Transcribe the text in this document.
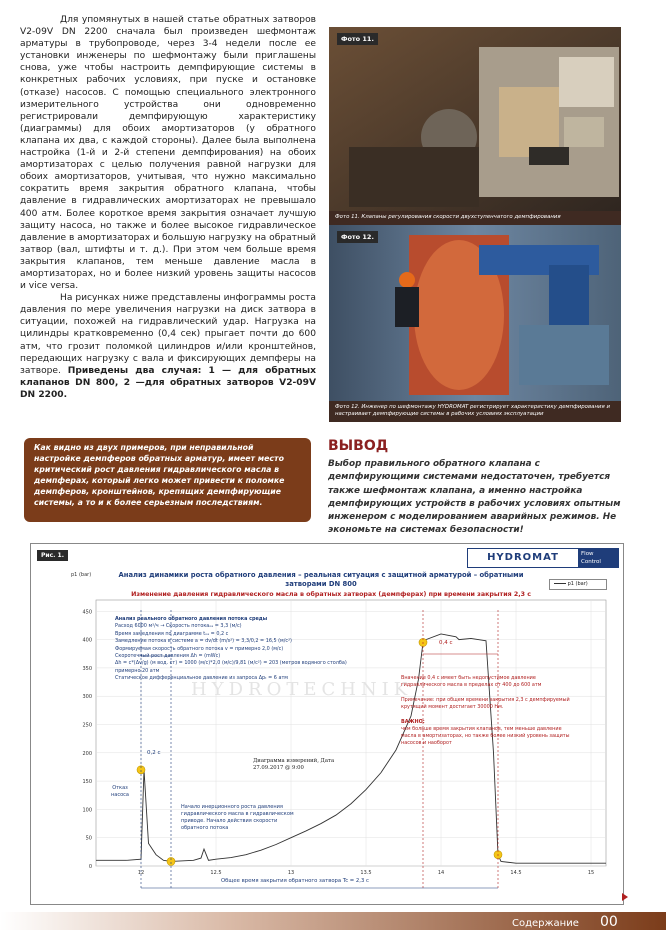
Для упомянутых в нашей статье обратных затворов V2-09V DN 2200 сначала был произведен шефмонтаж арматуры в трубопроводе, через 3-4 недели после ее установки инженеры по шефмонтажу были приглашены снова, уже чтобы настроить демпфирующие системы в конкретных рабочих условиях, при пуске и остановке (отказе) насосов. С помощью специального электронного измерительного устройства они одновременно регистрировали демпфирующую характеристику (диаграммы) для обоих амортизаторов (у обратного клапана их два, с каждой стороны). Далее была выполнена настройка (1-й и 2-й степени демпфирования) на обоих амортизаторах с целью получения равной нагрузки для обоих амортизаторов, учитывая, что нужно максимально сократить время закрытия обратного клапана, чтобы давление в гидравлических амортизаторах не превышало 400 атм. Более короткое время закрытия означает лучшую защиту насоса, но также и более высокое гидравлическое давление в амортизаторах и большую нагрузку на обратный затвор (вал, штифты и т. д.). При этом чем больше время закрытия клапанов, тем меньше давление масла в амортизаторах, но и более низкий уровень защиты насосов и vice versa.

На рисунках ниже представлены инфограммы роста давления по мере увеличения нагрузки на диск затвора в ситуации, похожей на гидравлический удар. Нагрузка на цилиндры кратковременно (0,4 сек) прыгает почти до 600 атм, что грозит поломкой цилиндров и/или кронштейнов, передающих нагрузку с вала и фиксирующих демпферы на затворе. Приведены два случая: 1 — для обратных клапанов DN 800, 2 —для обратных затворов V2-09V DN 2200.

Фото 11.
Фото 11. Клапаны регулирования скорости двухступенчатого демпфирования
Фото 12.
Фото 12. Инженер по шефмонтажу HYDROMAT регистрирует характеристику демпфирования и настраивает демпфирующие системы в рабочих условиях эксплуатации
Как видно из двух примеров, при неправильной настройке демпферов обратных арматур, имеет место критический рост давления гидравлического масла в демпферах, который легко может привести к поломке демпферов, кронштейнов, крепящих демпфирующие системы, а то и к более серьезным последствиям.
ВЫВОД
Выбор правильного обратного клапана с демпфирующими системами недостаточен, требуется также шефмонтаж клапана, а именно настройка демпфирующих устройств в рабочих условиях опытным инженером с моделированием аварийных режимов. Не экономьте на системах безопасности!
Рис. 1.	HYDROMAT	Flow Control
Анализ динамики роста обратного давления – реальная ситуация с защитной арматурой – обратными затворами DN 800
Изменение давления гидравлического масла в обратных затворах (демпферах) при времени закрытия 2,3 с
450
400
350
300
250
200
150
100
50
0
12	12.5	13	13.5	14	14.5	15
p1 (bar)
p1 (bar)
Анализ реального обратного давления потока среды
Расход 6000 м³/ч → Скорость потокаₒₐ = 3,3 (м/с)
Время замедления по диаграмме tₒₐ = 0,2 с
Замедление потока в системе a = dv/dt (m/s²) = 3,3/0,2 = 16,5 (м/с²)
Формируемая скорость обратного потока v = примерно 2,0 (м/с)
Скоротечный рост давления Δh = (mWc)
Δh = c*(Δv/g) (м вод. ст) = 1000 (м/с)*2,0 (м/с)/9,81 (м/с²) = 203 (метров водяного столба) примерно 20 атм
Статическое дифференциальное давление из запроса Δpₜ = 6 атм
HYDROTECHNIK
0,2 с
0,4 с
Отказ насоса
Начало инерционного роста давления гидравлического масла в гидравлическом приводе. Начало действия скорости обратного потока
Диаграмма измерений, Дата 27.09.2017 @ 9:00
Вначение 0,4 с имеет быть недопустимое давление гидравлического масла в пределах от 400 до 600 атм
Примечание: при общем времени закрытия 2,3 с демпфируемый крутящий момент достигает 30000 Нм.
ВАЖНО:
чем больше время закрытия клапанов, тем меньше давление масла в амортизаторах, но также более низкий уровень защиты насосов и наоборот
Общее время закрытия обратного затвора Tc = 2,3 с
Содержание 00
